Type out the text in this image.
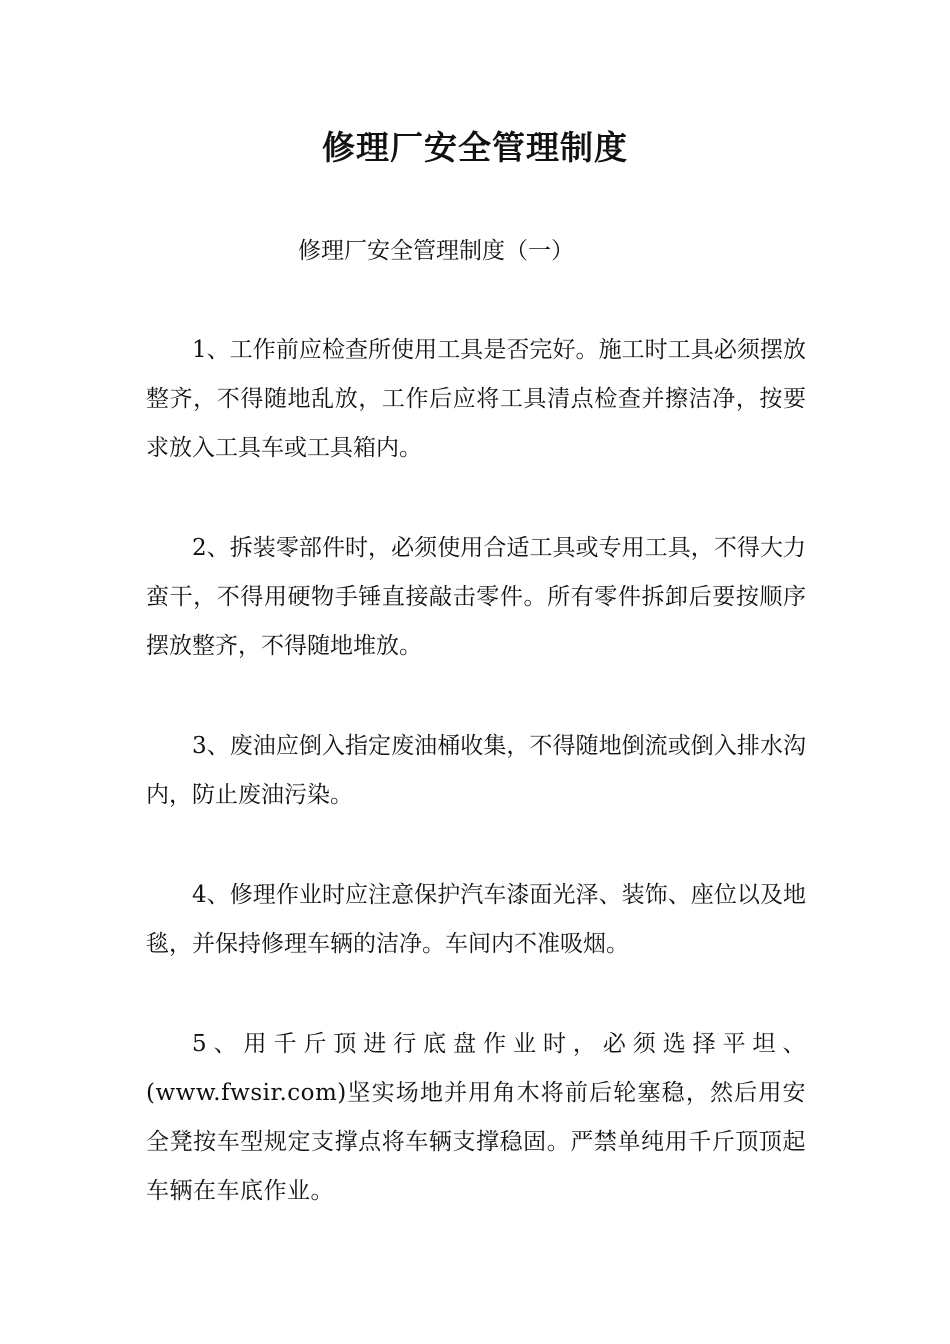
修理厂安全管理制度

修理厂安全管理制度（一）

1、工作前应检查所使用工具是否完好。施工时工具必须摆放整齐，不得随地乱放，工作后应将工具清点检查并擦洁净，按要求放入工具车或工具箱内。

2、拆装零部件时，必须使用合适工具或专用工具，不得大力蛮干，不得用硬物手锤直接敲击零件。所有零件拆卸后要按顺序摆放整齐，不得随地堆放。

3、废油应倒入指定废油桶收集，不得随地倒流或倒入排水沟内，防止废油污染。

4、修理作业时应注意保护汽车漆面光泽、装饰、座位以及地毯，并保持修理车辆的洁净。车间内不准吸烟。

5、用千斤顶进行底盘作业时，必须选择平坦、(www.fwsir.com)坚实场地并用角木将前后轮塞稳，然后用安全凳按车型规定支撑点将车辆支撑稳固。严禁单纯用千斤顶顶起车辆在车底作业。
